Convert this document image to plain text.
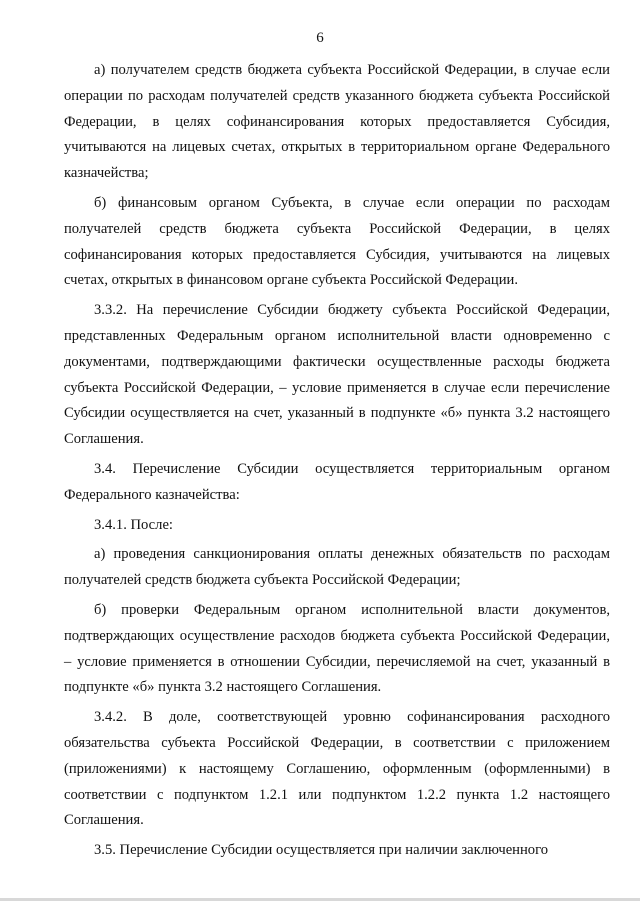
6

а) получателем средств бюджета субъекта Российской Федерации, в случае если операции по расходам получателей средств указанного бюджета субъекта Российской Федерации, в целях софинансирования которых предоставляется Субсидия, учитываются на лицевых счетах, открытых в территориальном органе Федерального казначейства;

б) финансовым органом Субъекта, в случае если операции по расходам получателей средств бюджета субъекта Российской Федерации, в целях софинансирования которых предоставляется Субсидия, учитываются на лицевых счетах, открытых в финансовом органе субъекта Российской Федерации.

3.3.2. На перечисление Субсидии бюджету субъекта Российской Федерации, представленных Федеральным органом исполнительной власти одновременно с документами, подтверждающими фактически осуществленные расходы бюджета субъекта Российской Федерации, – условие применяется в случае если перечисление Субсидии осуществляется на счет, указанный в подпункте «б» пункта 3.2 настоящего Соглашения.

3.4. Перечисление Субсидии осуществляется территориальным органом Федерального казначейства:

3.4.1. После:

а) проведения санкционирования оплаты денежных обязательств по расходам получателей средств бюджета субъекта Российской Федерации;

б) проверки Федеральным органом исполнительной власти документов, подтверждающих осуществление расходов бюджета субъекта Российской Федерации, – условие применяется в отношении Субсидии, перечисляемой на счет, указанный в подпункте «б» пункта 3.2 настоящего Соглашения.

3.4.2. В доле, соответствующей уровню софинансирования расходного обязательства субъекта Российской Федерации, в соответствии с приложением (приложениями) к настоящему Соглашению, оформленным (оформленными) в соответствии с подпунктом 1.2.1 или подпунктом 1.2.2 пункта 1.2 настоящего Соглашения.

3.5. Перечисление Субсидии осуществляется при наличии заключенного
